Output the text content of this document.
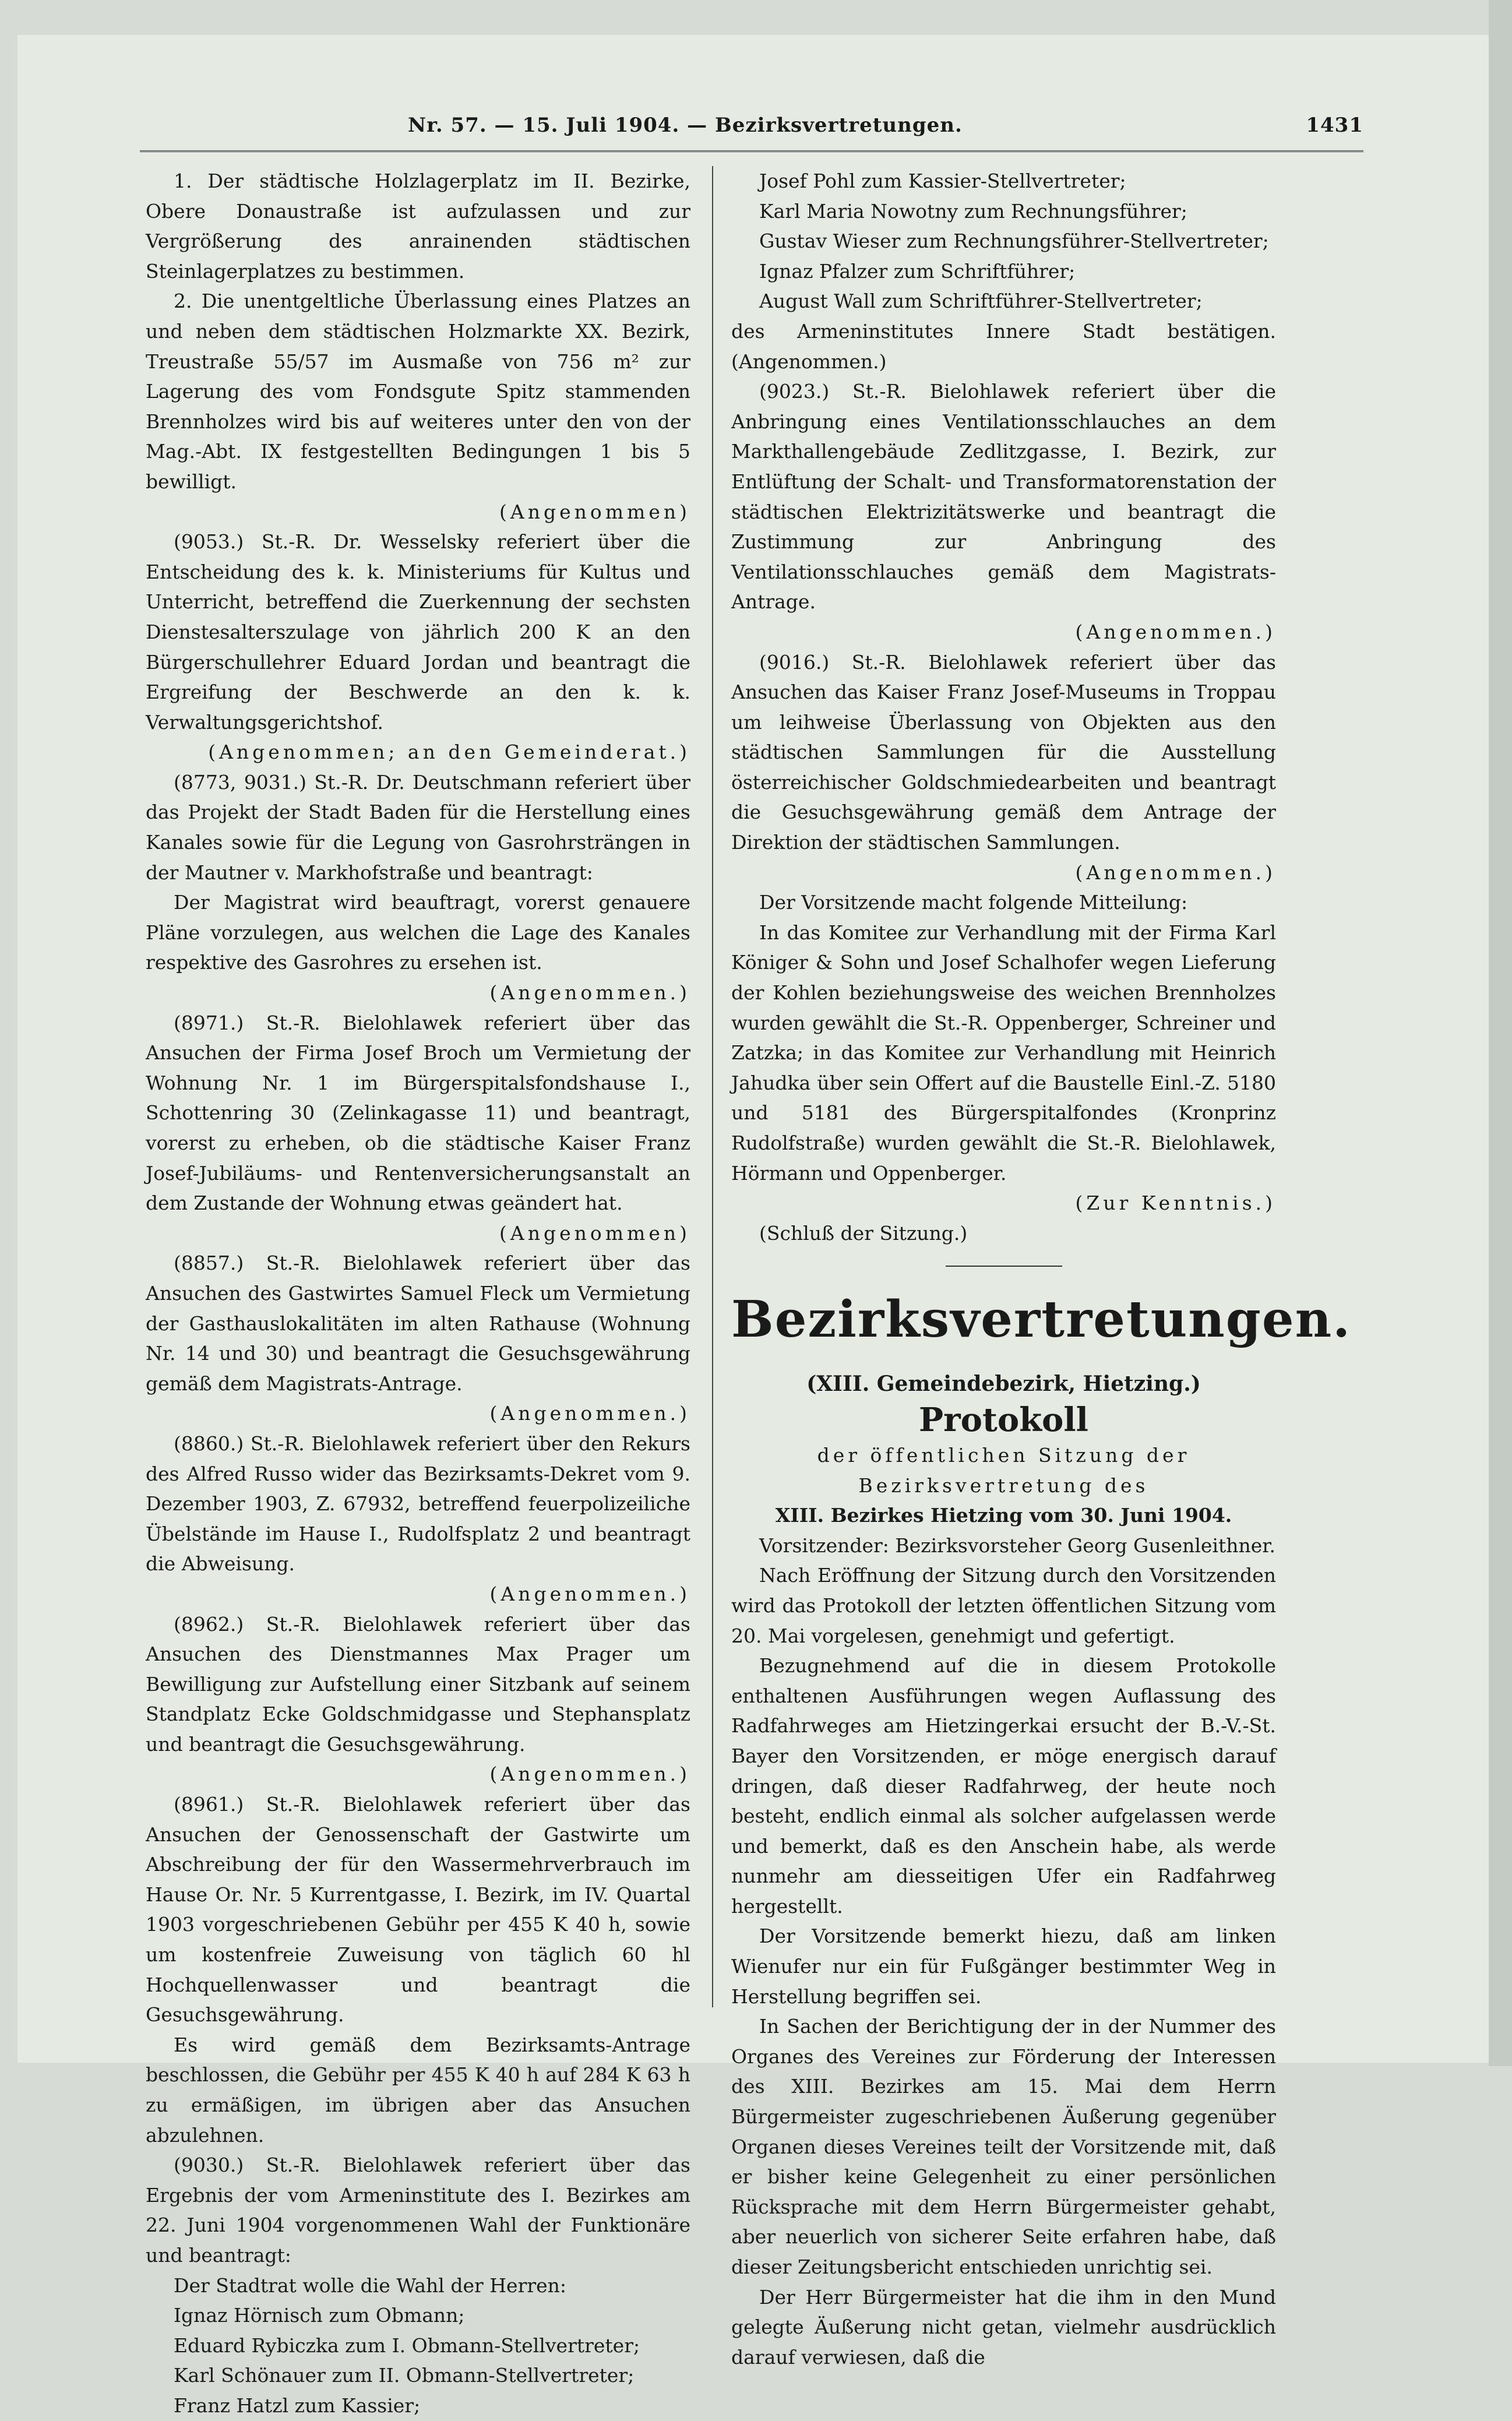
Nr. 57. — 15. Juli 1904. — Bezirksvertretungen.	1431

1. Der städtische Holzlagerplatz im II. Bezirke, Obere Donaustraße ist aufzulassen und zur Vergrößerung des anrainenden städtischen Steinlagerplatzes zu bestimmen.

2. Die unentgeltliche Überlassung eines Platzes an und neben dem städtischen Holzmarkte XX. Bezirk, Treustraße 55/57 im Ausmaße von 756 m² zur Lagerung des vom Fondsgute Spitz stammenden Brennholzes wird bis auf weiteres unter den von der Mag.-Abt. IX festgestellten Bedingungen 1 bis 5 bewilligt.

(Angenommen)

(9053.) St.-R. Dr. Wesselsky referiert über die Entscheidung des k. k. Ministeriums für Kultus und Unterricht, betreffend die Zuerkennung der sechsten Dienstesalterszulage von jährlich 200 K an den Bürgerschullehrer Eduard Jordan und beantragt die Ergreifung der Beschwerde an den k. k. Verwaltungsgerichtshof.

(Angenommen; an den Gemeinderat.)

(8773, 9031.) St.-R. Dr. Deutschmann referiert über das Projekt der Stadt Baden für die Herstellung eines Kanales sowie für die Legung von Gasrohrsträngen in der Mautner v. Markhofstraße und beantragt:

Der Magistrat wird beauftragt, vorerst genauere Pläne vorzulegen, aus welchen die Lage des Kanales respektive des Gasrohres zu ersehen ist.

(Angenommen.)

(8971.) St.-R. Bielohlawek referiert über das Ansuchen der Firma Josef Broch um Vermietung der Wohnung Nr. 1 im Bürgerspitalsfondshause I., Schottenring 30 (Zelinkagasse 11) und beantragt, vorerst zu erheben, ob die städtische Kaiser Franz Josef-Jubiläums- und Rentenversicherungsanstalt an dem Zustande der Wohnung etwas geändert hat.

(Angenommen)

(8857.) St.-R. Bielohlawek referiert über das Ansuchen des Gastwirtes Samuel Fleck um Vermietung der Gasthauslokalitäten im alten Rathause (Wohnung Nr. 14 und 30) und beantragt die Gesuchsgewährung gemäß dem Magistrats-Antrage.

(Angenommen.)

(8860.) St.-R. Bielohlawek referiert über den Rekurs des Alfred Russo wider das Bezirksamts-Dekret vom 9. Dezember 1903, Z. 67932, betreffend feuerpolizeiliche Übelstände im Hause I., Rudolfsplatz 2 und beantragt die Abweisung.

(Angenommen.)

(8962.) St.-R. Bielohlawek referiert über das Ansuchen des Dienstmannes Max Prager um Bewilligung zur Aufstellung einer Sitzbank auf seinem Standplatz Ecke Goldschmidgasse und Stephansplatz und beantragt die Gesuchsgewährung.

(Angenommen.)

(8961.) St.-R. Bielohlawek referiert über das Ansuchen der Genossenschaft der Gastwirte um Abschreibung der für den Wassermehrverbrauch im Hause Or. Nr. 5 Kurrentgasse, I. Bezirk, im IV. Quartal 1903 vorgeschriebenen Gebühr per 455 K 40 h, sowie um kostenfreie Zuweisung von täglich 60 hl Hochquellenwasser und beantragt die Gesuchsgewährung.

Es wird gemäß dem Bezirksamts-Antrage beschlossen, die Gebühr per 455 K 40 h auf 284 K 63 h zu ermäßigen, im übrigen aber das Ansuchen abzulehnen.

(9030.) St.-R. Bielohlawek referiert über das Ergebnis der vom Armeninstitute des I. Bezirkes am 22. Juni 1904 vorgenommenen Wahl der Funktionäre und beantragt:

Der Stadtrat wolle die Wahl der Herren:

Ignaz Hörnisch zum Obmann;

Eduard Rybiczka zum I. Obmann-Stellvertreter;

Karl Schönauer zum II. Obmann-Stellvertreter;

Franz Hatzl zum Kassier;

Josef Pohl zum Kassier-Stellvertreter;

Karl Maria Nowotny zum Rechnungsführer;

Gustav Wieser zum Rechnungsführer-Stellvertreter;

Ignaz Pfalzer zum Schriftführer;

August Wall zum Schriftführer-Stellvertreter;

des Armeninstitutes Innere Stadt bestätigen. (Angenommen.)

(9023.) St.-R. Bielohlawek referiert über die Anbringung eines Ventilationsschlauches an dem Markthallengebäude Zedlitzgasse, I. Bezirk, zur Entlüftung der Schalt- und Transformatorenstation der städtischen Elektrizitätswerke und beantragt die Zustimmung zur Anbringung des Ventilationsschlauches gemäß dem Magistrats-Antrage.

(Angenommen.)

(9016.) St.-R. Bielohlawek referiert über das Ansuchen das Kaiser Franz Josef-Museums in Troppau um leihweise Überlassung von Objekten aus den städtischen Sammlungen für die Ausstellung österreichischer Goldschmiedearbeiten und beantragt die Gesuchsgewährung gemäß dem Antrage der Direktion der städtischen Sammlungen.

(Angenommen.)

Der Vorsitzende macht folgende Mitteilung:

In das Komitee zur Verhandlung mit der Firma Karl Königer & Sohn und Josef Schalhofer wegen Lieferung der Kohlen beziehungsweise des weichen Brennholzes wurden gewählt die St.-R. Oppenberger, Schreiner und Zatzka; in das Komitee zur Verhandlung mit Heinrich Jahudka über sein Offert auf die Baustelle Einl.-Z. 5180 und 5181 des Bürgerspitalfondes (Kronprinz Rudolfstraße) wurden gewählt die St.-R. Bielohlawek, Hörmann und Oppenberger.

(Zur Kenntnis.)

(Schluß der Sitzung.)

Bezirksvertretungen.
(XIII. Gemeindebezirk, Hietzing.)
Protokoll
der öffentlichen Sitzung der Bezirksvertretung des
XIII. Bezirkes Hietzing vom 30. Juni 1904.

Vorsitzender: Bezirksvorsteher Georg Gusenleithner.

Nach Eröffnung der Sitzung durch den Vorsitzenden wird das Protokoll der letzten öffentlichen Sitzung vom 20. Mai vorgelesen, genehmigt und gefertigt.

Bezugnehmend auf die in diesem Protokolle enthaltenen Ausführungen wegen Auflassung des Radfahrweges am Hietzingerkai ersucht der B.-V.-St. Bayer den Vorsitzenden, er möge energisch darauf dringen, daß dieser Radfahrweg, der heute noch besteht, endlich einmal als solcher aufgelassen werde und bemerkt, daß es den Anschein habe, als werde nunmehr am diesseitigen Ufer ein Radfahrweg hergestellt.

Der Vorsitzende bemerkt hiezu, daß am linken Wienufer nur ein für Fußgänger bestimmter Weg in Herstellung begriffen sei.

In Sachen der Berichtigung der in der Nummer des Organes des Vereines zur Förderung der Interessen des XIII. Bezirkes am 15. Mai dem Herrn Bürgermeister zugeschriebenen Äußerung gegenüber Organen dieses Vereines teilt der Vorsitzende mit, daß er bisher keine Gelegenheit zu einer persönlichen Rücksprache mit dem Herrn Bürgermeister gehabt, aber neuerlich von sicherer Seite erfahren habe, daß dieser Zeitungsbericht entschieden unrichtig sei.

Der Herr Bürgermeister hat die ihm in den Mund gelegte Äußerung nicht getan, vielmehr ausdrücklich darauf verwiesen, daß die
